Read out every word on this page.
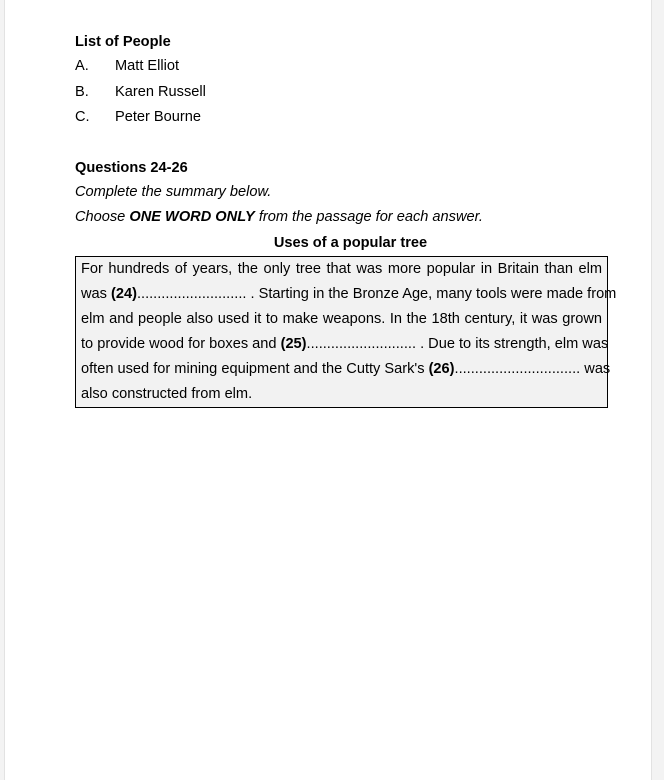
List of People
A.	Matt Elliot
B.	Karen Russell
C.	Peter Bourne
Questions 24-26
Complete the summary below.
Choose ONE WORD ONLY from the passage for each answer.
Uses of a popular tree
For hundreds of years, the only tree that was more popular in Britain than elm
was (24)........................... . Starting in the Bronze Age, many tools were made from
elm and people also used it to make weapons. In the 18th century, it was grown
to provide wood for boxes and (25)........................... . Due to its strength, elm was
often used for mining equipment and the Cutty Sark's (26)............................... was
also constructed from elm.
